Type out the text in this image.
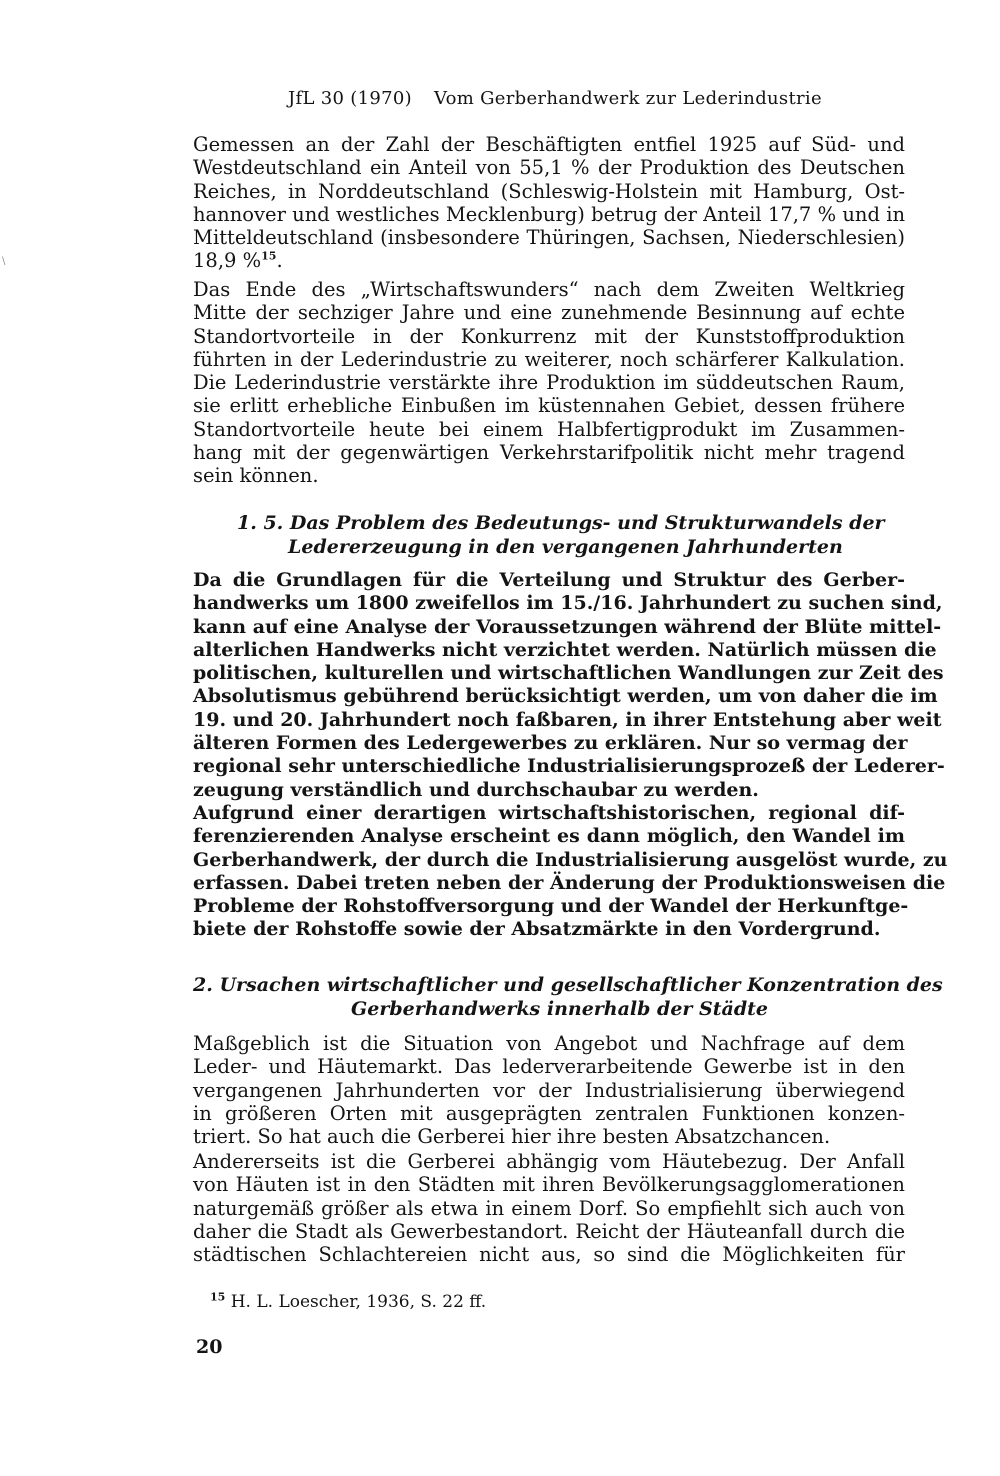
\
JfL 30 (1970) Vom Gerberhandwerk zur Lederindustrie
Gemessen an der Zahl der Beschäftigten entfiel 1925 auf Süd- und
Westdeutschland ein Anteil von 55,1 % der Produktion des Deutschen
Reiches, in Norddeutschland (Schleswig-Holstein mit Hamburg, Ost-
hannover und westliches Mecklenburg) betrug der Anteil 17,7 % und in
Mitteldeutschland (insbesondere Thüringen, Sachsen, Niederschlesien)
18,9 %$^{15}$.
Das Ende des „Wirtschaftswunders“ nach dem Zweiten Weltkrieg
Mitte der sechziger Jahre und eine zunehmende Besinnung auf echte
Standortvorteile in der Konkurrenz mit der Kunststoffproduktion
führten in der Lederindustrie zu weiterer, noch schärferer Kalkulation.
Die Lederindustrie verstärkte ihre Produktion im süddeutschen Raum,
sie erlitt erhebliche Einbußen im küstennahen Gebiet, dessen frühere
Standortvorteile heute bei einem Halbfertigprodukt im Zusammen-
hang mit der gegenwärtigen Verkehrstarifpolitik nicht mehr tragend
sein können.
1. 5. Das Problem des Bedeutungs- und Strukturwandels der
Ledererzeugung in den vergangenen Jahrhunderten
Da die Grundlagen für die Verteilung und Struktur des Gerber-
handwerks um 1800 zweifellos im 15./16. Jahrhundert zu suchen sind,
kann auf eine Analyse der Voraussetzungen während der Blüte mittel-
alterlichen Handwerks nicht verzichtet werden. Natürlich müssen die
politischen, kulturellen und wirtschaftlichen Wandlungen zur Zeit des
Absolutismus gebührend berücksichtigt werden, um von daher die im
19. und 20. Jahrhundert noch faßbaren, in ihrer Entstehung aber weit
älteren Formen des Ledergewerbes zu erklären. Nur so vermag der
regional sehr unterschiedliche Industrialisierungsprozeß der Lederer-
zeugung verständlich und durchschaubar zu werden.
Aufgrund einer derartigen wirtschaftshistorischen, regional dif-
ferenzierenden Analyse erscheint es dann möglich, den Wandel im
Gerberhandwerk, der durch die Industrialisierung ausgelöst wurde, zu
erfassen. Dabei treten neben der Änderung der Produktionsweisen die
Probleme der Rohstoffversorgung und der Wandel der Herkunftge-
biete der Rohstoffe sowie der Absatzmärkte in den Vordergrund.
2. Ursachen wirtschaftlicher und gesellschaftlicher Konzentration des
Gerberhandwerks innerhalb der Städte
Maßgeblich ist die Situation von Angebot und Nachfrage auf dem
Leder- und Häutemarkt. Das lederverarbeitende Gewerbe ist in den
vergangenen Jahrhunderten vor der Industrialisierung überwiegend
in größeren Orten mit ausgeprägten zentralen Funktionen konzen-
triert. So hat auch die Gerberei hier ihre besten Absatzchancen.
Andererseits ist die Gerberei abhängig vom Häutebezug. Der Anfall
von Häuten ist in den Städten mit ihren Bevölkerungsagglomerationen
naturgemäß größer als etwa in einem Dorf. So empfiehlt sich auch von
daher die Stadt als Gewerbestandort. Reicht der Häuteanfall durch die
städtischen Schlachtereien nicht aus, so sind die Möglichkeiten für
$^{15}$ H. L. Loescher, 1936, S. 22 ff.
20
